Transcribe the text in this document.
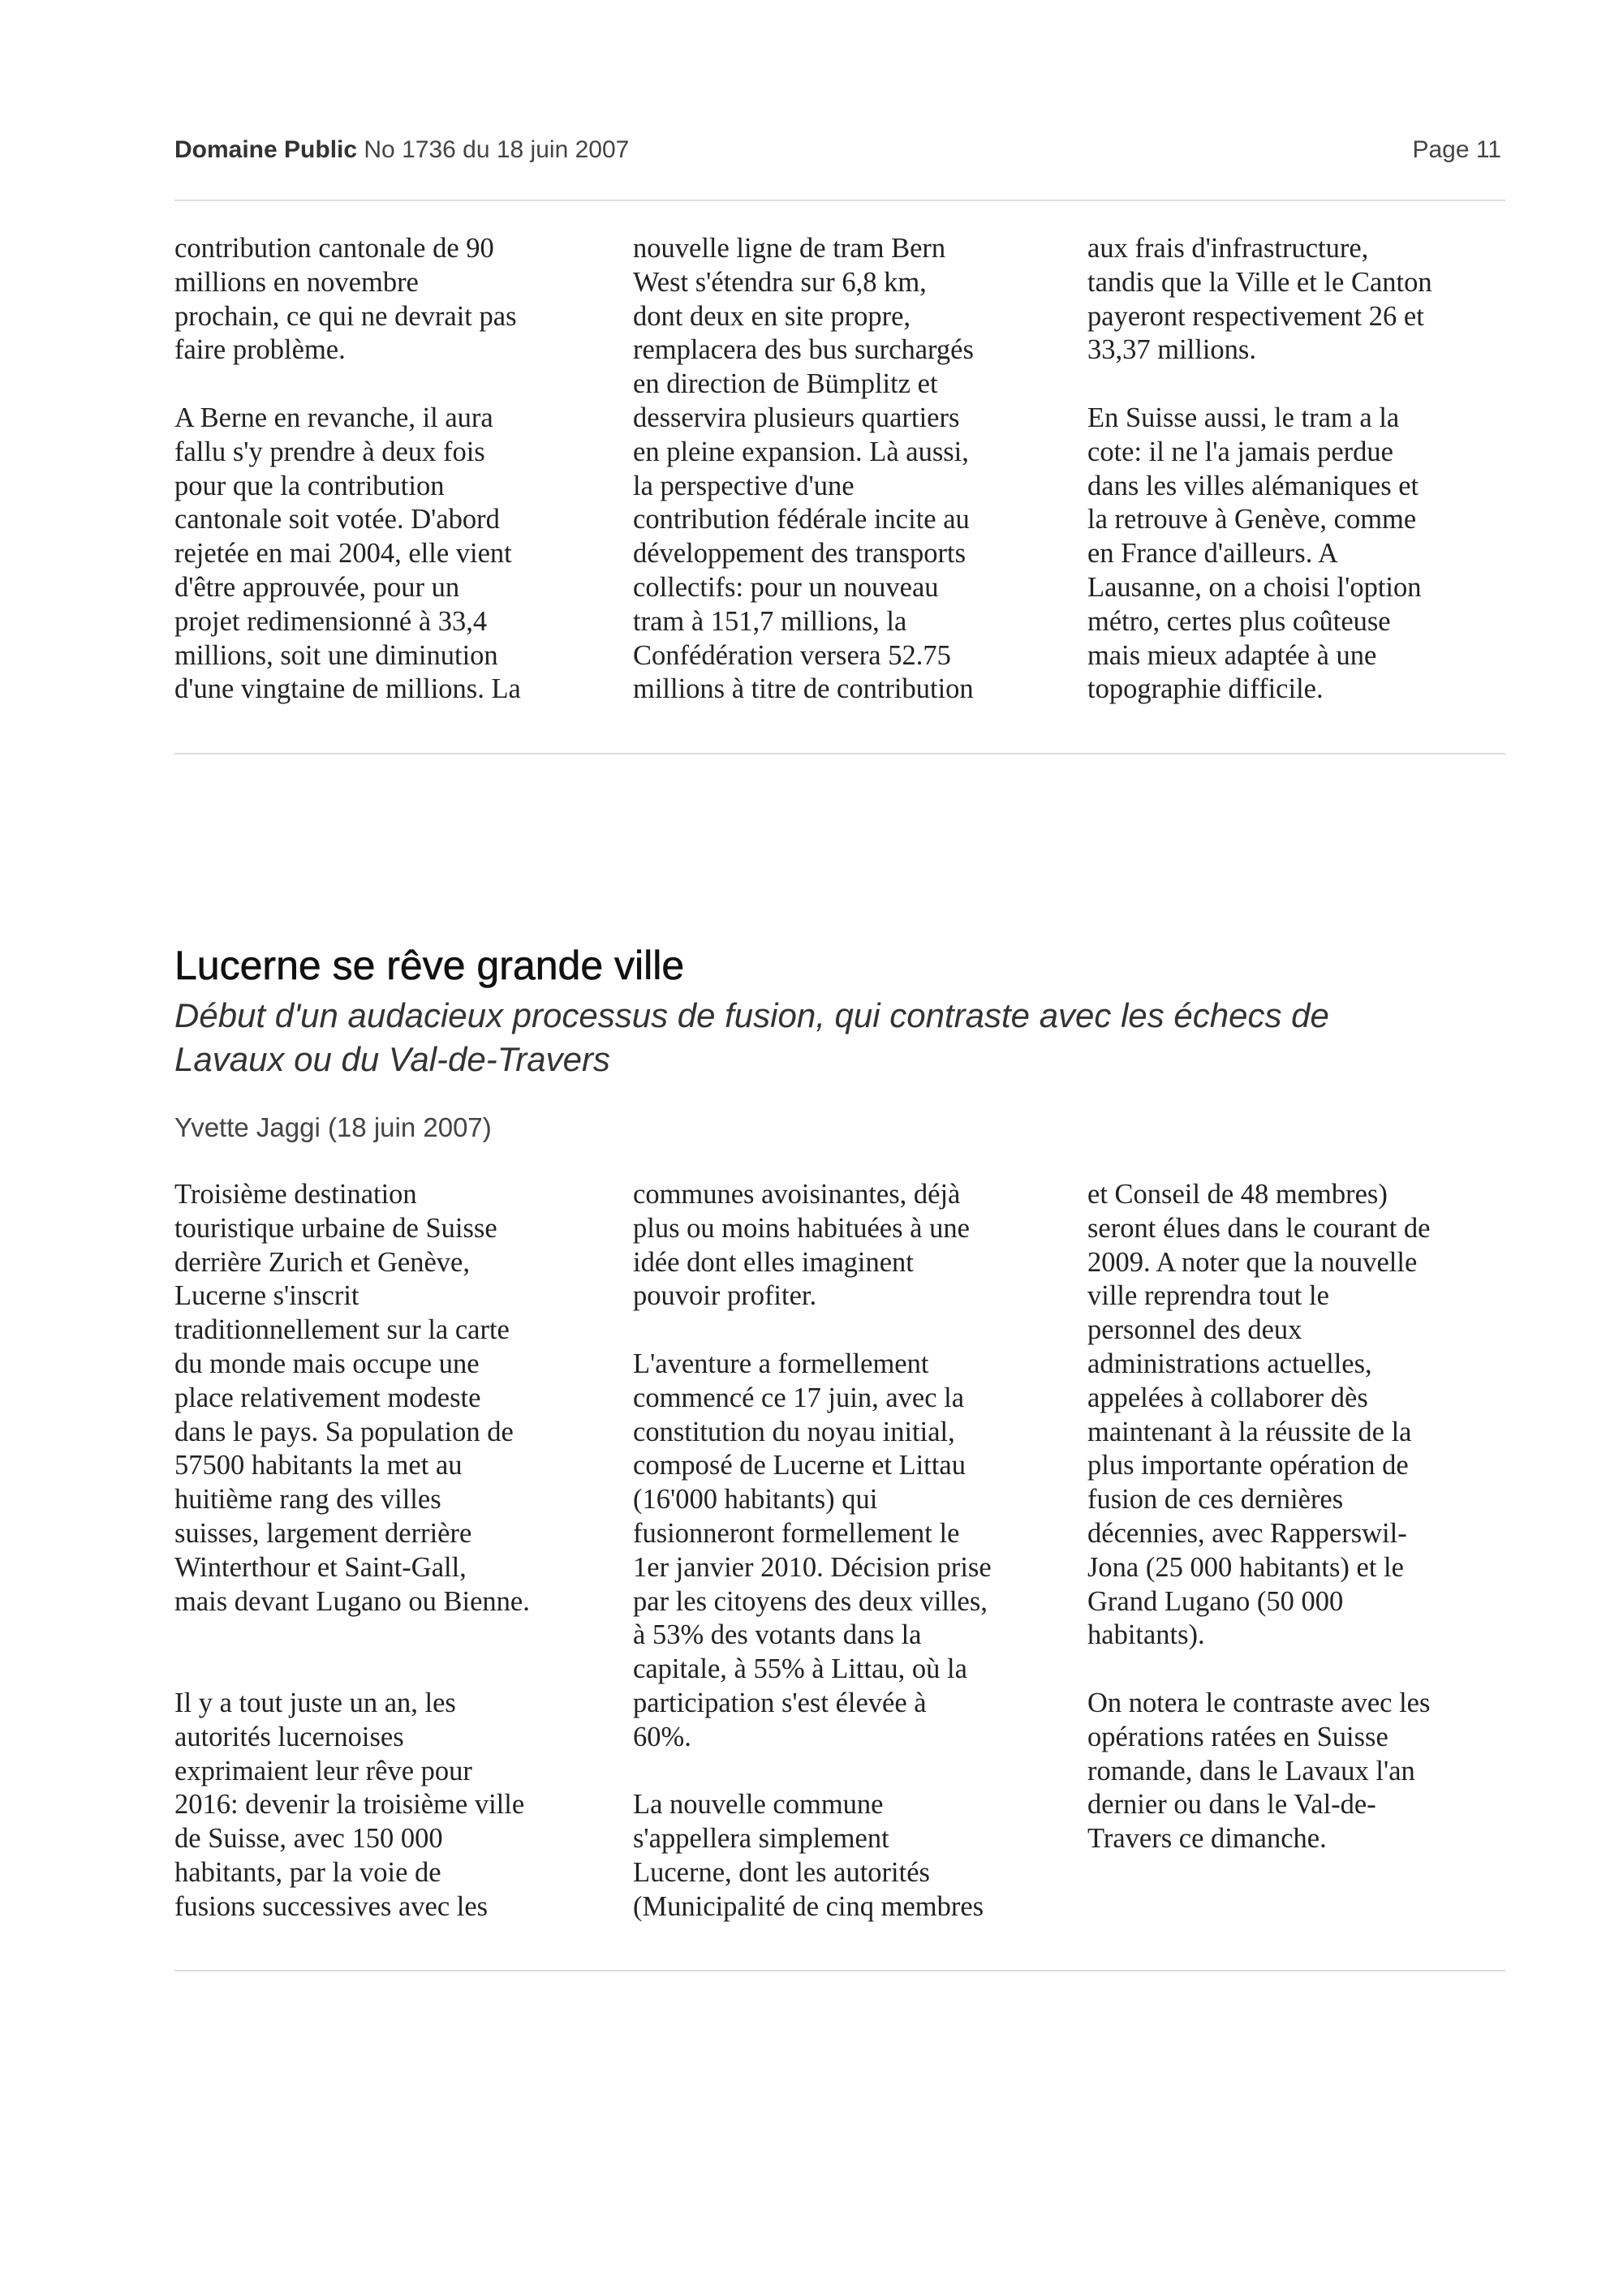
Domaine Public No 1736 du 18 juin 2007	Page 11

contribution cantonale de 90
millions en novembre
prochain, ce qui ne devrait pas
faire problème.

A Berne en revanche, il aura
fallu s'y prendre à deux fois
pour que la contribution
cantonale soit votée. D'abord
rejetée en mai 2004, elle vient
d'être approuvée, pour un
projet redimensionné à 33,4
millions, soit une diminution
d'une vingtaine de millions. La

nouvelle ligne de tram Bern
West s'étendra sur 6,8 km,
dont deux en site propre,
remplacera des bus surchargés
en direction de Bümplitz et
desservira plusieurs quartiers
en pleine expansion. Là aussi,
la perspective d'une
contribution fédérale incite au
développement des transports
collectifs: pour un nouveau
tram à 151,7 millions, la
Confédération versera 52.75
millions à titre de contribution

aux frais d'infrastructure,
tandis que la Ville et le Canton
payeront respectivement 26 et
33,37 millions.

En Suisse aussi, le tram a la
cote: il ne l'a jamais perdue
dans les villes alémaniques et
la retrouve à Genève, comme
en France d'ailleurs. A
Lausanne, on a choisi l'option
métro, certes plus coûteuse
mais mieux adaptée à une
topographie difficile.

Lucerne se rêve grande ville

Début d'un audacieux processus de fusion, qui contraste avec les échecs de
Lavaux ou du Val-de-Travers

Yvette Jaggi (18 juin 2007)

Troisième destination
touristique urbaine de Suisse
derrière Zurich et Genève,
Lucerne s'inscrit
traditionnellement sur la carte
du monde mais occupe une
place relativement modeste
dans le pays. Sa population de
57500 habitants la met au
huitième rang des villes
suisses, largement derrière
Winterthour et Saint-Gall,
mais devant Lugano ou Bienne.

Il y a tout juste un an, les
autorités lucernoises
exprimaient leur rêve pour
2016: devenir la troisième ville
de Suisse, avec 150 000
habitants, par la voie de
fusions successives avec les

communes avoisinantes, déjà
plus ou moins habituées à une
idée dont elles imaginent
pouvoir profiter.

L'aventure a formellement
commencé ce 17 juin, avec la
constitution du noyau initial,
composé de Lucerne et Littau
(16'000 habitants) qui
fusionneront formellement le
1er janvier 2010. Décision prise
par les citoyens des deux villes,
à 53% des votants dans la
capitale, à 55% à Littau, où la
participation s'est élevée à
60%.

La nouvelle commune
s'appellera simplement
Lucerne, dont les autorités
(Municipalité de cinq membres

et Conseil de 48 membres)
seront élues dans le courant de
2009. A noter que la nouvelle
ville reprendra tout le
personnel des deux
administrations actuelles,
appelées à collaborer dès
maintenant à la réussite de la
plus importante opération de
fusion de ces dernières
décennies, avec Rapperswil-
Jona (25 000 habitants) et le
Grand Lugano (50 000
habitants).

On notera le contraste avec les
opérations ratées en Suisse
romande, dans le Lavaux l'an
dernier ou dans le Val-de-
Travers ce dimanche.
